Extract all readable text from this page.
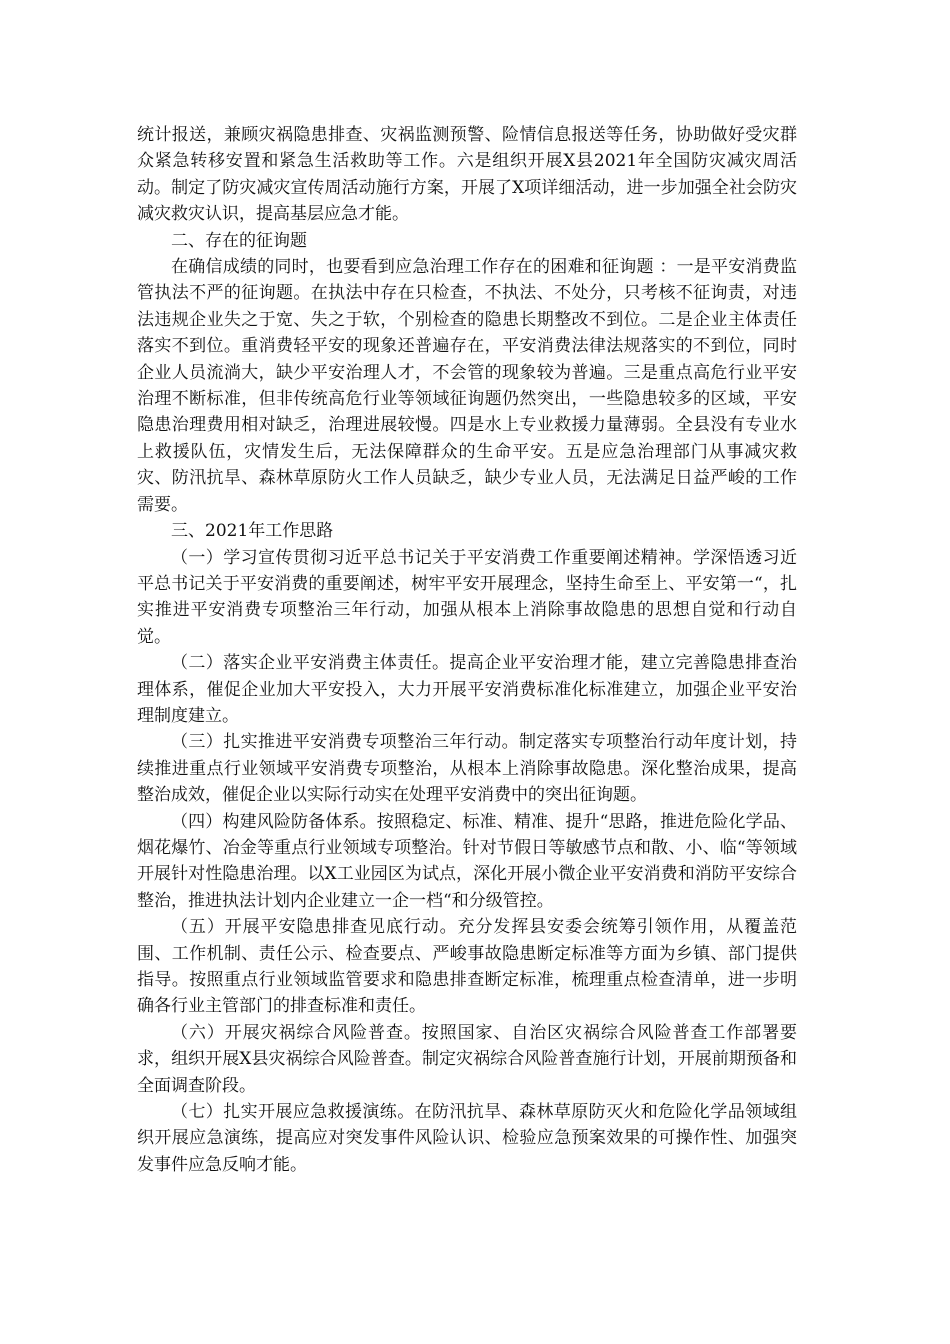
统计报送，兼顾灾祸隐患排查、灾祸监测预警、险情信息报送等任务，协助做好受灾群众紧急转移安置和紧急生活救助等工作。六是组织开展X县2021年全国防灾减灾周活动。制定了防灾减灾宣传周活动施行方案，开展了X项详细活动，进一步加强全社会防灾减灾救灾认识，提高基层应急才能。

二、存在的征询题

在确信成绩的同时，也要看到应急治理工作存在的困难和征询题 ：一是平安消费监管执法不严的征询题。在执法中存在只检查，不执法、不处分，只考核不征询责，对违法违规企业失之于宽、失之于软，个别检查的隐患长期整改不到位。二是企业主体责任落实不到位。重消费轻平安的现象还普遍存在，平安消费法律法规落实的不到位，同时企业人员流淌大，缺少平安治理人才，不会管的现象较为普遍。三是重点高危行业平安治理不断标准，但非传统高危行业等领域征询题仍然突出，一些隐患较多的区域，平安隐患治理费用相对缺乏，治理进展较慢。四是水上专业救援力量薄弱。全县没有专业水上救援队伍，灾情发生后，无法保障群众的生命平安。五是应急治理部门从事减灾救灾、防汛抗旱、森林草原防火工作人员缺乏，缺少专业人员，无法满足日益严峻的工作需要。

三、2021年工作思路

（一）学习宣传贯彻习近平总书记关于平安消费工作重要阐述精神。学深悟透习近平总书记关于平安消费的重要阐述，树牢平安开展理念，坚持生命至上、平安第一“，扎实推进平安消费专项整治三年行动，加强从根本上消除事故隐患的思想自觉和行动自觉。

（二）落实企业平安消费主体责任。提高企业平安治理才能，建立完善隐患排查治理体系，催促企业加大平安投入，大力开展平安消费标准化标准建立，加强企业平安治理制度建立。

（三）扎实推进平安消费专项整治三年行动。制定落实专项整治行动年度计划，持续推进重点行业领域平安消费专项整治，从根本上消除事故隐患。深化整治成果，提高整治成效，催促企业以实际行动实在处理平安消费中的突出征询题。

（四）构建风险防备体系。按照稳定、标准、精准、提升“思路，推进危险化学品、烟花爆竹、冶金等重点行业领域专项整治。针对节假日等敏感节点和散、小、临“等领域开展针对性隐患治理。以X工业园区为试点，深化开展小微企业平安消费和消防平安综合整治，推进执法计划内企业建立一企一档“和分级管控。

（五）开展平安隐患排查见底行动。充分发挥县安委会统筹引领作用，从覆盖范围、工作机制、责任公示、检查要点、严峻事故隐患断定标准等方面为乡镇、部门提供指导。按照重点行业领域监管要求和隐患排查断定标准，梳理重点检查清单，进一步明确各行业主管部门的排查标准和责任。

（六）开展灾祸综合风险普查。按照国家、自治区灾祸综合风险普查工作部署要求，组织开展X县灾祸综合风险普查。制定灾祸综合风险普查施行计划，开展前期预备和全面调查阶段。

（七）扎实开展应急救援演练。在防汛抗旱、森林草原防灭火和危险化学品领域组织开展应急演练，提高应对突发事件风险认识、检验应急预案效果的可操作性、加强突发事件应急反响才能。
